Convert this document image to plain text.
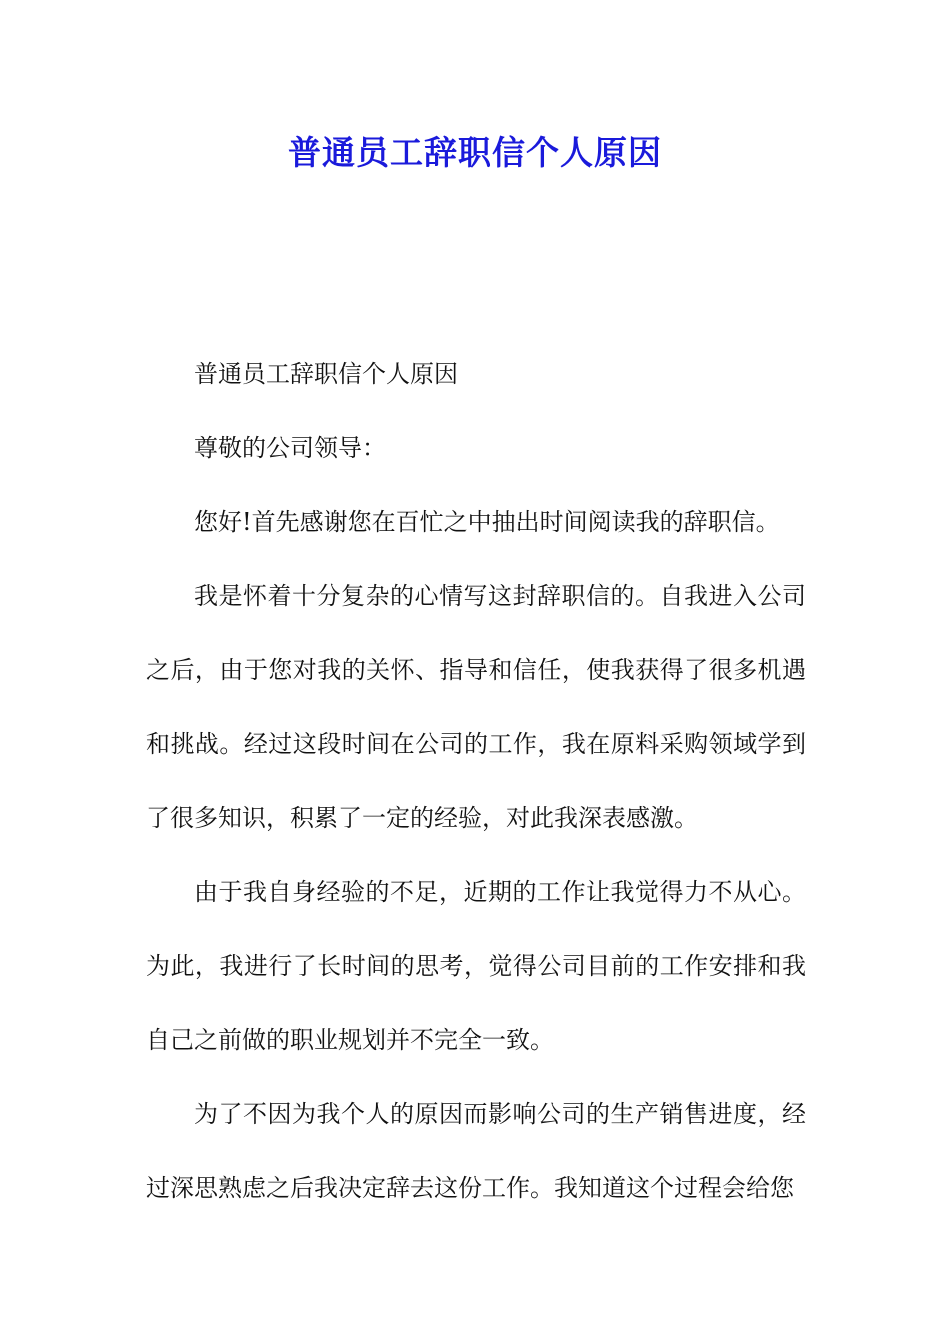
普通员工辞职信个人原因

普通员工辞职信个人原因

尊敬的公司领导：

您好!首先感谢您在百忙之中抽出时间阅读我的辞职信。

我是怀着十分复杂的心情写这封辞职信的。自我进入公司之后，由于您对我的关怀、指导和信任，使我获得了很多机遇和挑战。经过这段时间在公司的工作，我在原料采购领域学到了很多知识，积累了一定的经验，对此我深表感激。

由于我自身经验的不足，近期的工作让我觉得力不从心。为此，我进行了长时间的思考，觉得公司目前的工作安排和我自己之前做的职业规划并不完全一致。

为了不因为我个人的原因而影响公司的生产销售进度，经过深思熟虑之后我决定辞去这份工作。我知道这个过程会给您
